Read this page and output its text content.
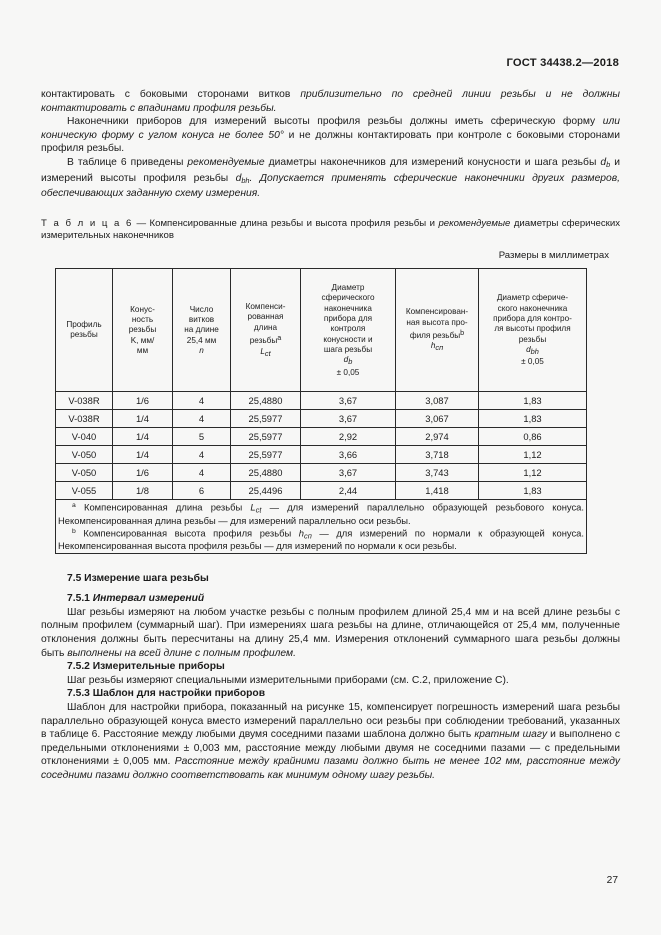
ГОСТ 34438.2—2018

контактировать с боковыми сторонами витков приблизительно по средней линии резьбы и не должны контактировать с впадинами профиля резьбы.

Наконечники приборов для измерений высоты профиля резьбы должны иметь сферическую форму или коническую форму с углом конуса не более 50° и не должны контактировать при контроле с боковыми сторонами профиля резьбы.

В таблице 6 приведены рекомендуемые диаметры наконечников для измерений конусности и шага резьбы $d_b$ и измерений высоты профиля резьбы $d_{bh}$. Допускается применять сферические наконечники других размеров, обеспечивающих заданную схему измерения.

Т а б л и ц а 6 — Компенсированные длина резьбы и высота профиля резьбы и рекомендуемые диаметры сферических измерительных наконечников
Размеры в миллиметрах
Профиль резьбы	Конус-
ность
резьбы
K, мм/
мм	Число
витков
на длине
25,4 мм
n	Компенси-
рованная
длина
резьбыa
Lct	Диаметр
сферического
наконечника
прибора для
контроля
конусности и
шага резьбы
db
± 0,05	Компенсирован-
ная высота про-
филя резьбыb
hсп	Диаметр сфериче-
ского наконечника
прибора для контро-
ля высоты профиля
резьбы
dbh
± 0,05
V-038R	1/6	4	25,4880	3,67	3,087	1,83
V-038R	1/4	4	25,5977	3,67	3,067	1,83
V-040	1/4	5	25,5977	2,92	2,974	0,86
V-050	1/4	4	25,5977	3,66	3,718	1,12
V-050	1/6	4	25,4880	3,67	3,743	1,12
V-055	1/8	6	25,4496	2,44	1,418	1,83

$^a$ Компенсированная длина резьбы $L_{ct}$ — для измерений параллельно образующей резьбового конуса. Некомпенсированная длина резьбы — для измерений параллельно оси резьбы.

$^b$ Компенсированная высота профиля резьбы $h_{сп}$ — для измерений по нормали к образующей конуса. Некомпенсированная высота профиля резьбы — для измерений по нормали к оси резьбы.						

7.5 Измерение шага резьбы

7.5.1 Интервал измерений

Шаг резьбы измеряют на любом участке резьбы с полным профилем длиной 25,4 мм и на всей длине резьбы с полным профилем (суммарный шаг). При измерениях шага резьбы на длине, отличающейся от 25,4 мм, полученные отклонения должны быть пересчитаны на длину 25,4 мм. Измерения отклонений суммарного шага резьбы должны быть выполнены на всей длине с полным профилем.

7.5.2 Измерительные приборы

Шаг резьбы измеряют специальными измерительными приборами (см. С.2, приложение С).

7.5.3 Шаблон для настройки приборов

Шаблон для настройки прибора, показанный на рисунке 15, компенсирует погрешность измерений шага резьбы параллельно образующей конуса вместо измерений параллельно оси резьбы при соблюдении требований, указанных в таблице 6. Расстояние между любыми двумя соседними пазами шаблона должно быть кратным шагу и выполнено с предельными отклонениями ± 0,003 мм, расстояние между любыми двумя не соседними пазами — с предельными отклонениями ± 0,005 мм. Расстояние между крайними пазами должно быть не менее 102 мм, расстояние между соседними пазами должно соответствовать как минимум одному шагу резьбы.

27
